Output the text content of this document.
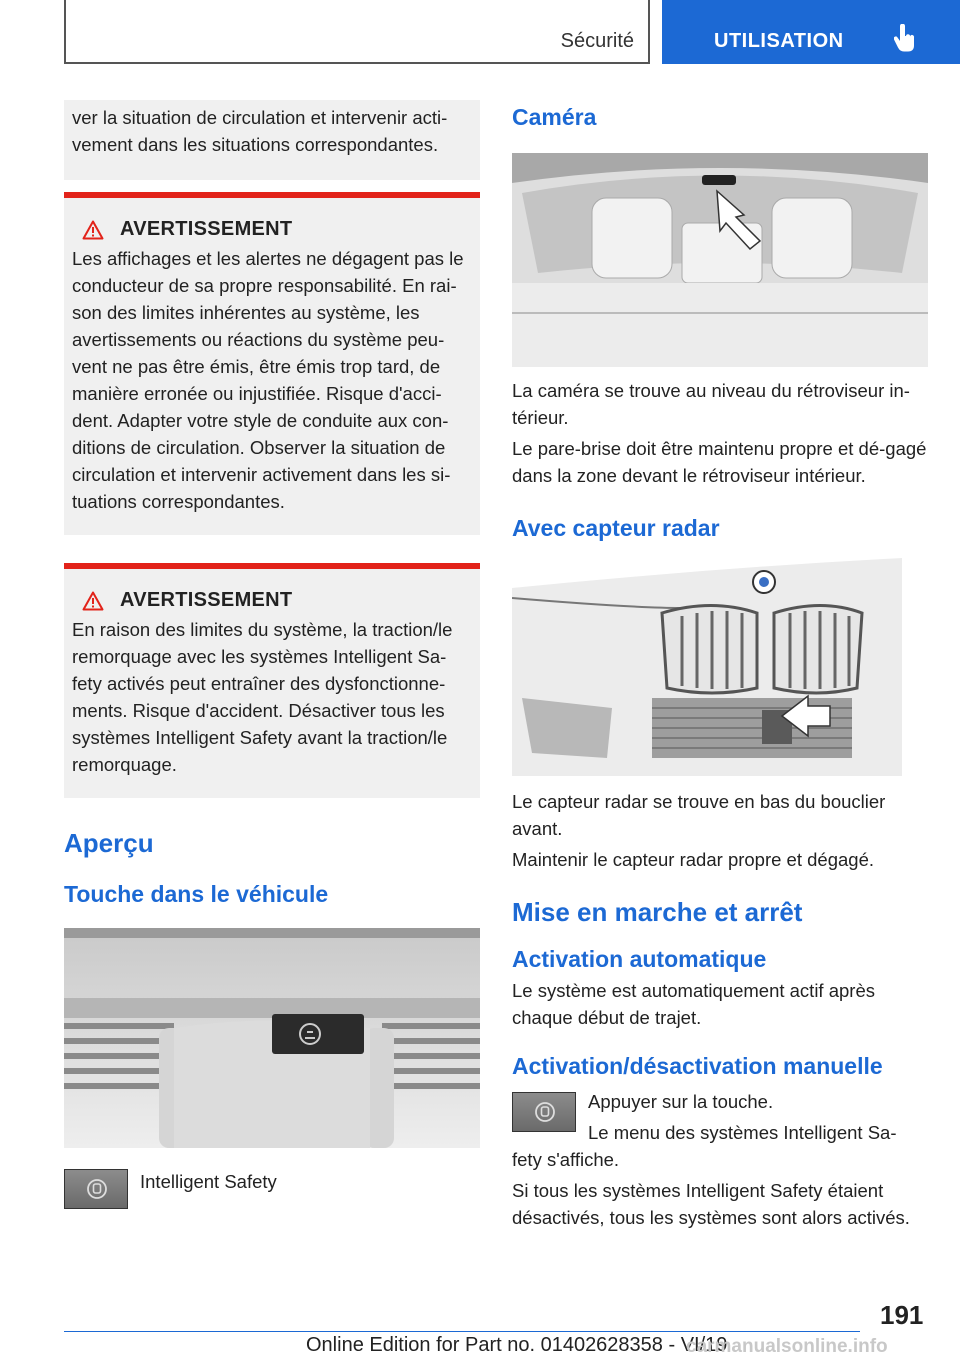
Sécurité	UTILISATION

ver la situation de circulation et intervenir acti-vement dans les situations correspondantes.

AVERTISSEMENT

Les affichages et les alertes ne dégagent pas le conducteur de sa propre responsabilité. En rai-son des limites inhérentes au système, les avertissements ou réactions du système peu-vent ne pas être émis, être émis trop tard, de manière erronée ou injustifiée. Risque d'acci-dent. Adapter votre style de conduite aux con-ditions de circulation. Observer la situation de circulation et intervenir activement dans les si-tuations correspondantes.

AVERTISSEMENT

En raison des limites du système, la traction/le remorquage avec les systèmes Intelligent Sa-fety activés peut entraîner des dysfonctionne-ments. Risque d'accident. Désactiver tous les systèmes Intelligent Safety avant la traction/le remorquage.

Aperçu
Touche dans le véhicule

Intelligent Safety

Caméra

La caméra se trouve au niveau du rétroviseur in-térieur.

Le pare-brise doit être maintenu propre et dé-gagé dans la zone devant le rétroviseur intérieur.

Avec capteur radar

Le capteur radar se trouve en bas du bouclier avant.

Maintenir le capteur radar propre et dégagé.

Mise en marche et arrêt
Activation automatique

Le système est automatiquement actif après chaque début de trajet.

Activation/désactivation manuelle

Appuyer sur la touche.

Le menu des systèmes Intelligent Sa-

fety s'affiche.

Si tous les systèmes Intelligent Safety étaient désactivés, tous les systèmes sont alors activés.

191
Online Edition for Part no. 01402628358 - VI/19
carmanualsonline.info
